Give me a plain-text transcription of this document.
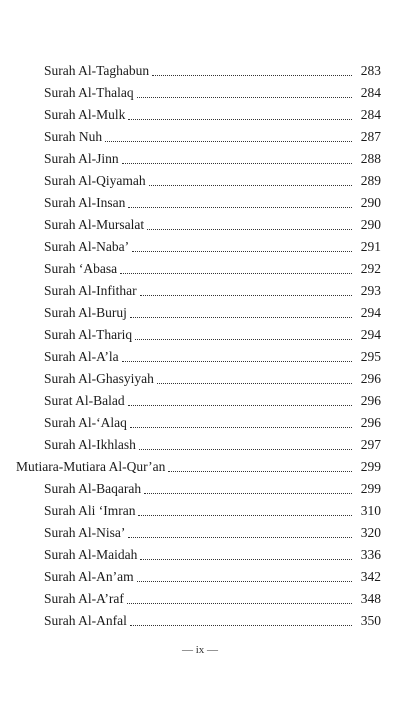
Surah Al-Taghabun	283
Surah Al-Thalaq	284
Surah Al-Mulk	284
Surah Nuh	287
Surah Al-Jinn	288
Surah Al-Qiyamah	289
Surah Al-Insan	290
Surah Al-Mursalat	290
Surah Al-Naba’	291
Surah ‘Abasa	292
Surah Al-Infithar	293
Surah Al-Buruj	294
Surah Al-Thariq	294
Surah Al-A’la	295
Surah Al-Ghasyiyah	296
Surat Al-Balad	296
Surah Al-‘Alaq	296
Surah Al-Ikhlash	297
Mutiara-Mutiara Al-Qur’an	299
Surah Al-Baqarah	299
Surah Ali ‘Imran	310
Surah Al-Nisa’	320
Surah Al-Maidah	336
Surah Al-An’am	342
Surah Al-A’raf	348
Surah Al-Anfal	350
— ix —
